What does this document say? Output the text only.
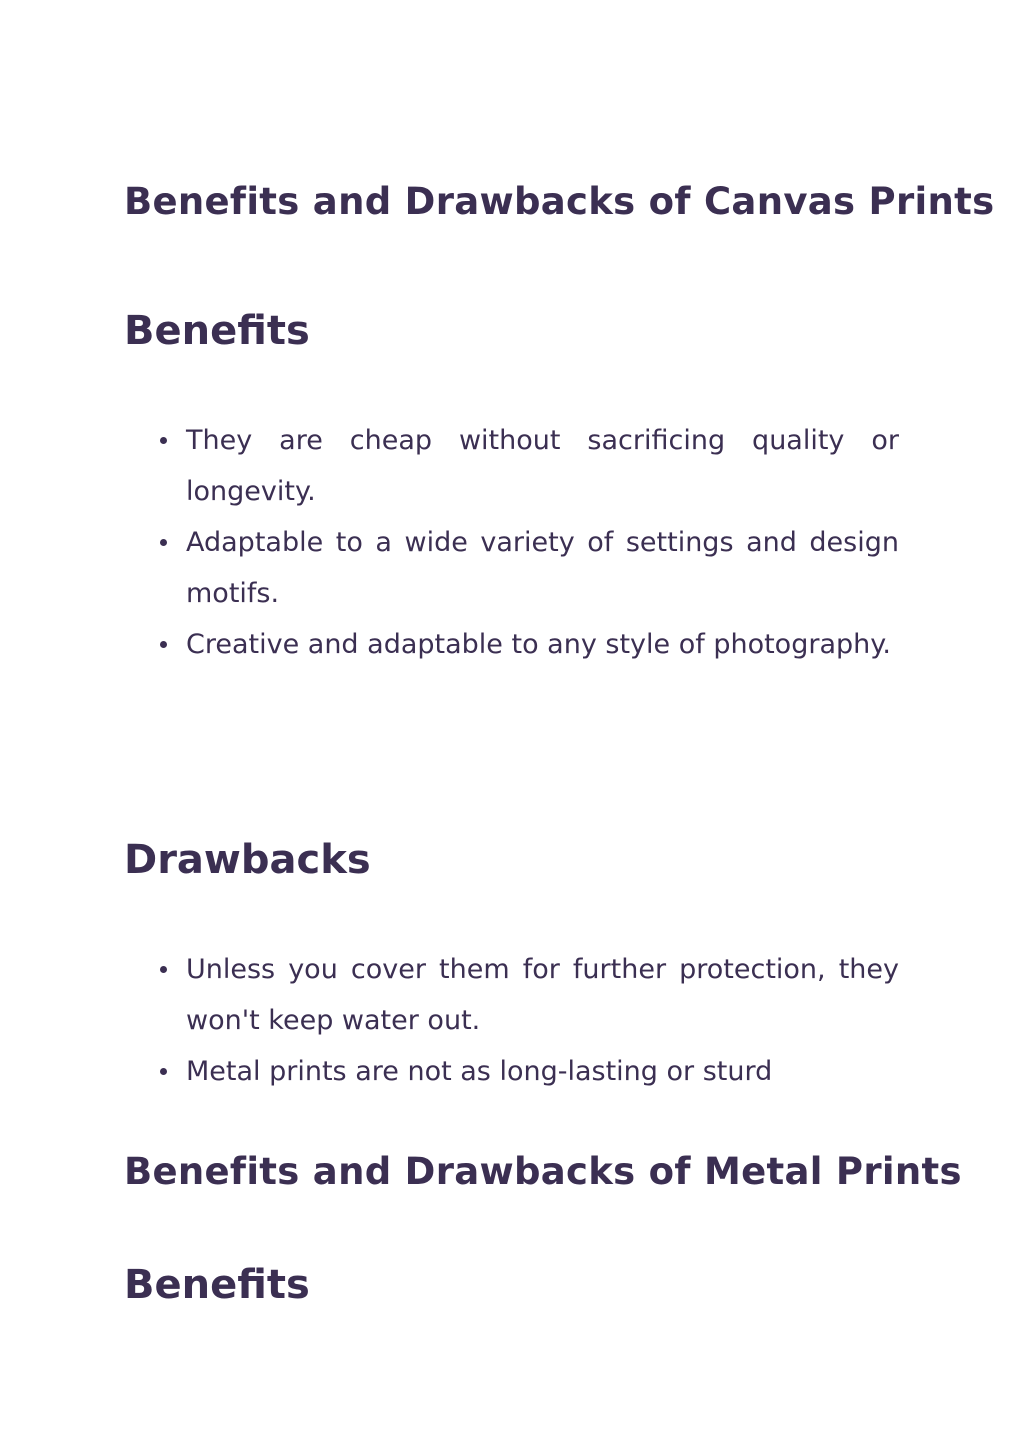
Benefits and Drawbacks of Canvas Prints
Benefits
They are cheap without sacrificing quality or longevity.
Adaptable to a wide variety of settings and design motifs.
Creative and adaptable to any style of photography.
Drawbacks
Unless you cover them for further protection, they won't keep water out.
Metal prints are not as long-lasting or sturd
Benefits and Drawbacks of Metal Prints
Benefits
